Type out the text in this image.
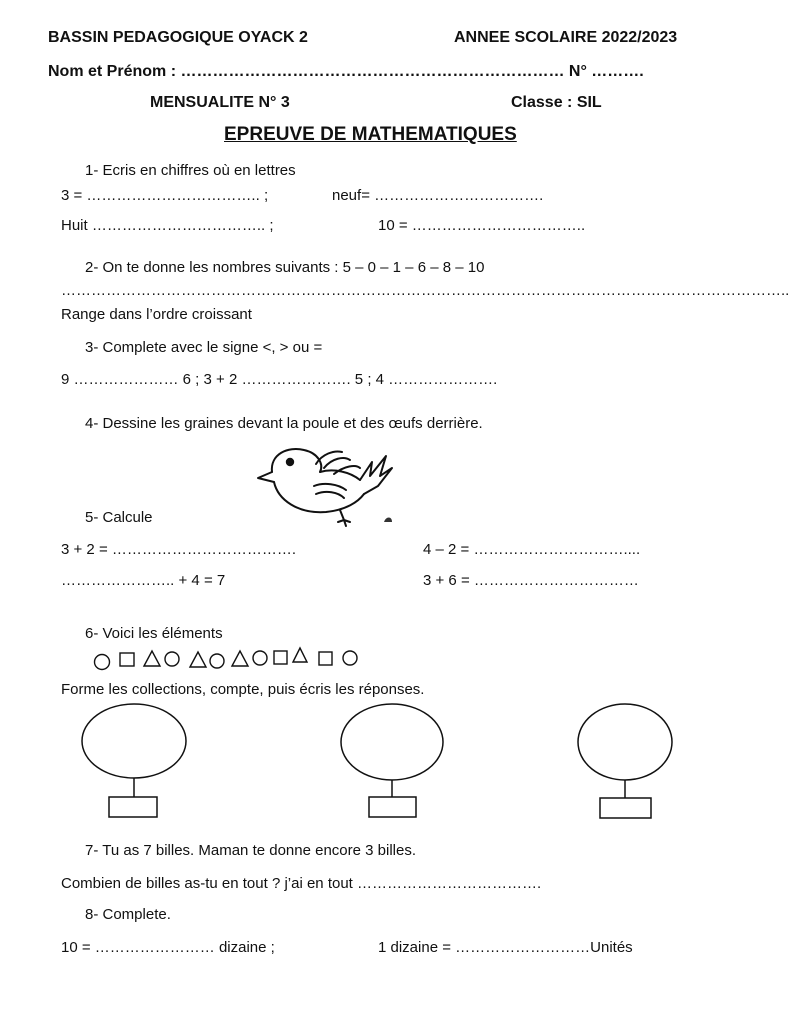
BASSIN PEDAGOGIQUE OYACK 2	ANNEE SCOLAIRE 2022/2023
Nom et Prénom : ……………………………………………………………… N° ……….
MENSUALITE N° 3	Classe : SIL
EPREUVE DE MATHEMATIQUES
1- Ecris en chiffres où en lettres
3 = …………………………….. ;	neuf= …………………………….
Huit …………………………….. ;	10 = ……………………………..
2- On te donne les nombres suivants : 5 – 0 – 1 – 6 – 8 – 10
………………………………………………………………………………………………………………………………..
Range dans l’ordre croissant
3- Complete avec le signe <, > ou =
9 ………………… 6 ; 3 + 2 …………………. 5 ; 4 ………………….
4- Dessine les graines devant la poule et des œufs derrière.
5- Calcule
3 + 2 = ……………………………….	4 – 2 = …………………………....
………………….. + 4 = 7	3 + 6 = ……………………………
6- Voici les éléments
Forme les collections, compte, puis écris les réponses.
7- Tu as 7 billes. Maman te donne encore 3 billes.
Combien de billes as-tu en tout ? j’ai en tout ……………………………….
8- Complete.
10 = …………………… dizaine ;	1 dizaine = ………………………Unités
